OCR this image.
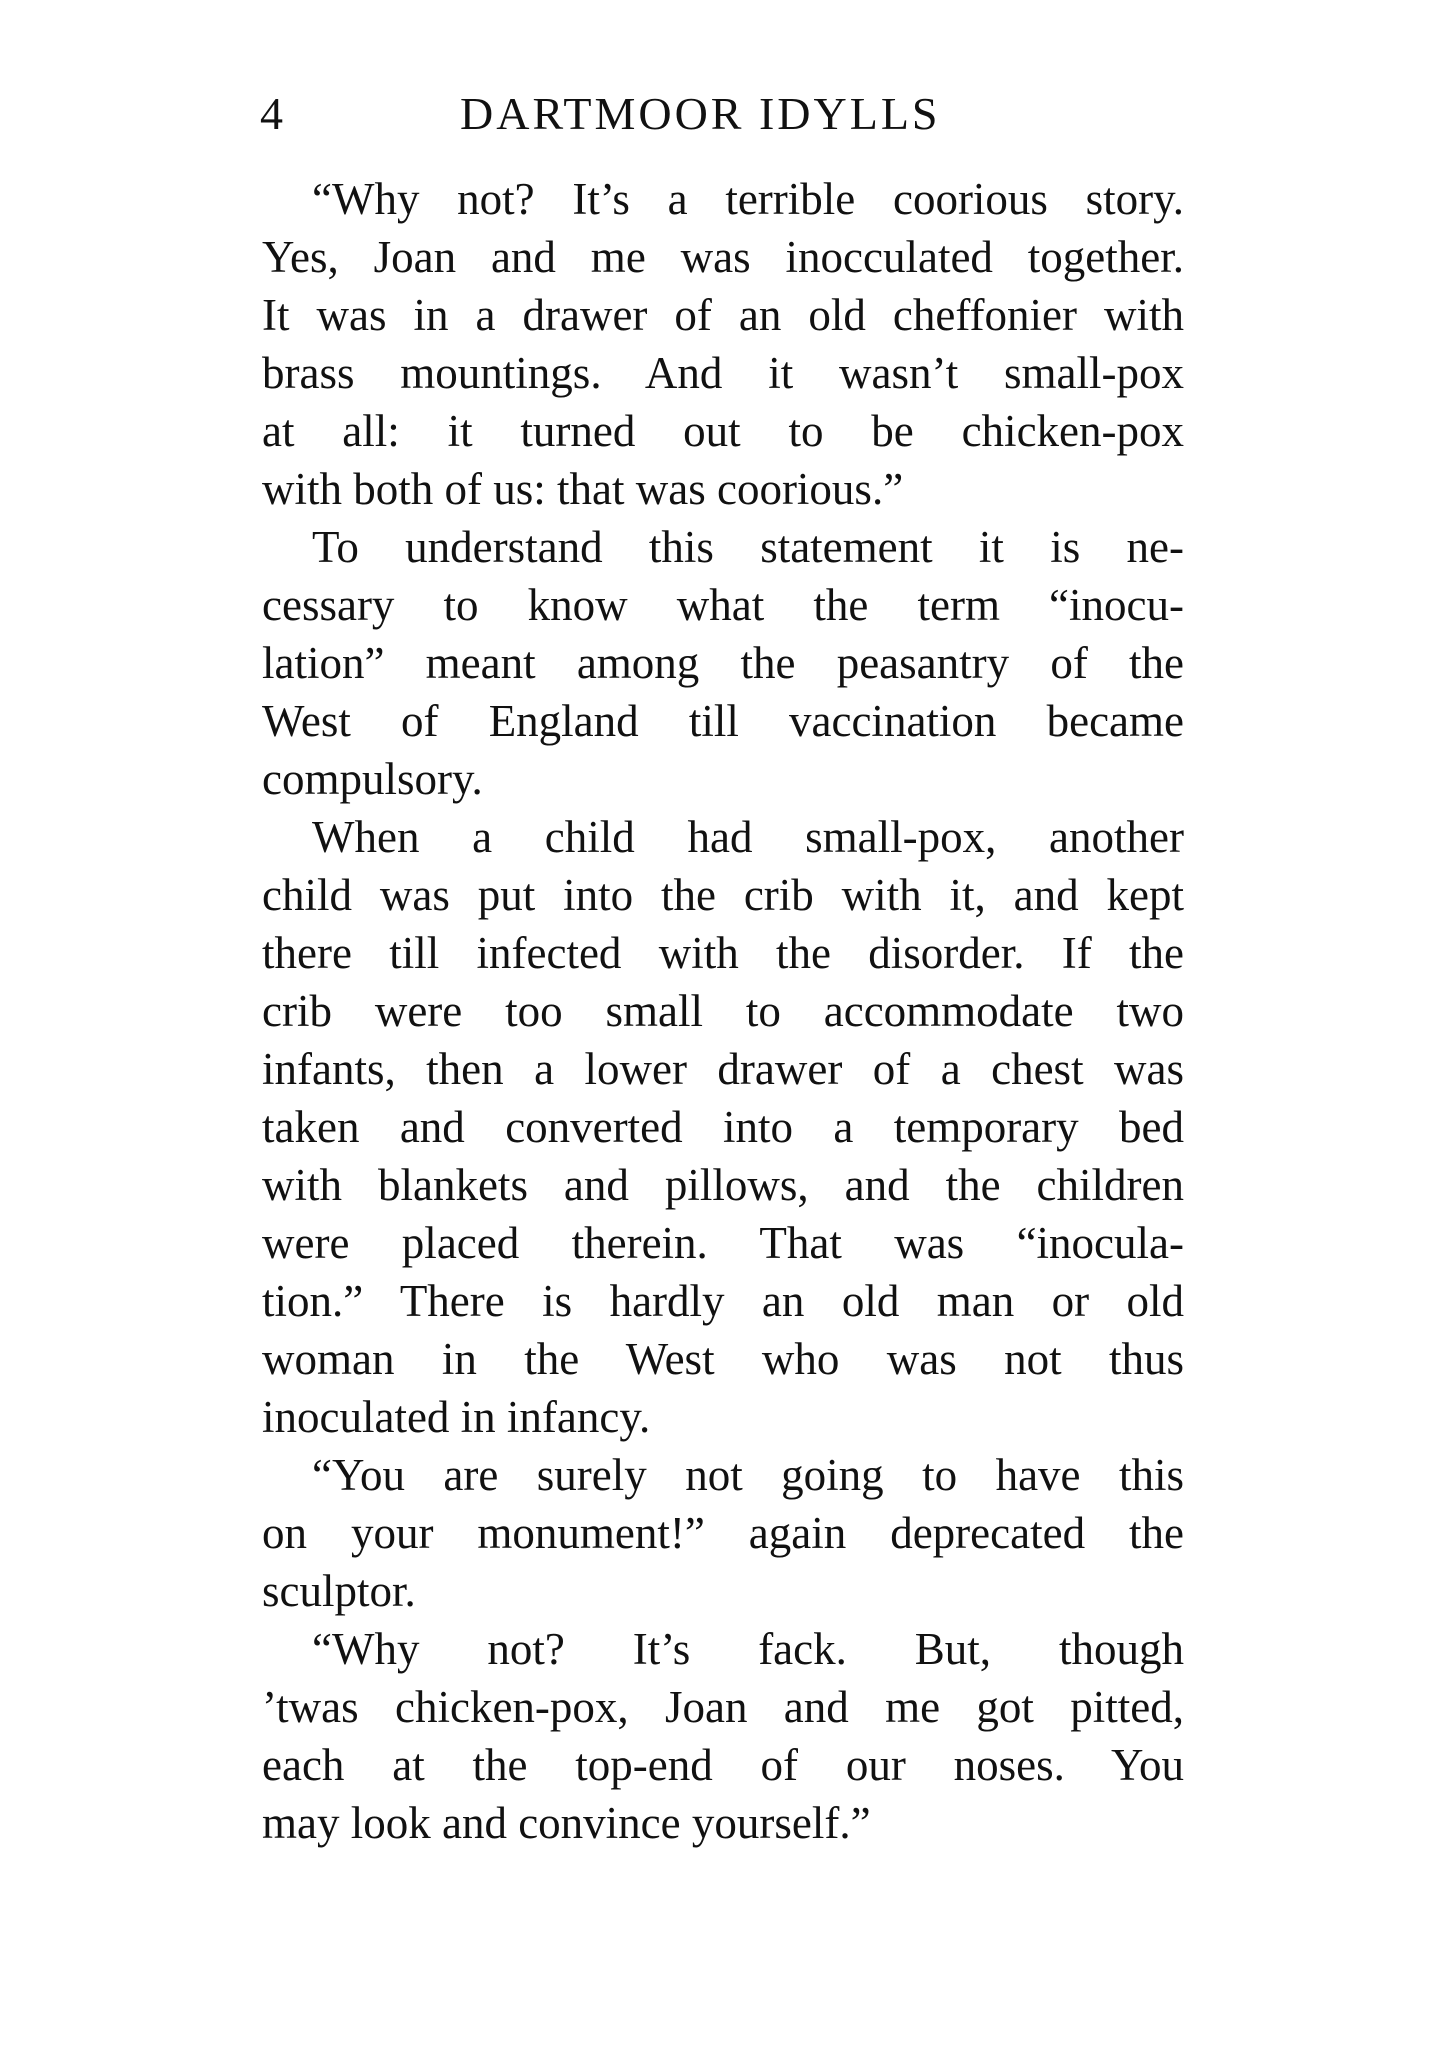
4	DARTMOOR IDYLLS
“Why not? It’s a terrible coorious story.
Yes, Joan and me was inocculated together.
It was in a drawer of an old cheffonier with
brass mountings. And it wasn’t small-pox
at all: it turned out to be chicken-pox
with both of us: that was coorious.”
To understand this statement it is ne-
cessary to know what the term “inocu-
lation” meant among the peasantry of the
West of England till vaccination became
compulsory.
When a child had small-pox, another
child was put into the crib with it, and kept
there till infected with the disorder. If the
crib were too small to accommodate two
infants, then a lower drawer of a chest was
taken and converted into a temporary bed
with blankets and pillows, and the children
were placed therein. That was “inocula-
tion.” There is hardly an old man or old
woman in the West who was not thus
inoculated in infancy.
“You are surely not going to have this
on your monument!” again deprecated the
sculptor.
“Why not? It’s fack. But, though
’twas chicken-pox, Joan and me got pitted,
each at the top-end of our noses. You
may look and convince yourself.”
